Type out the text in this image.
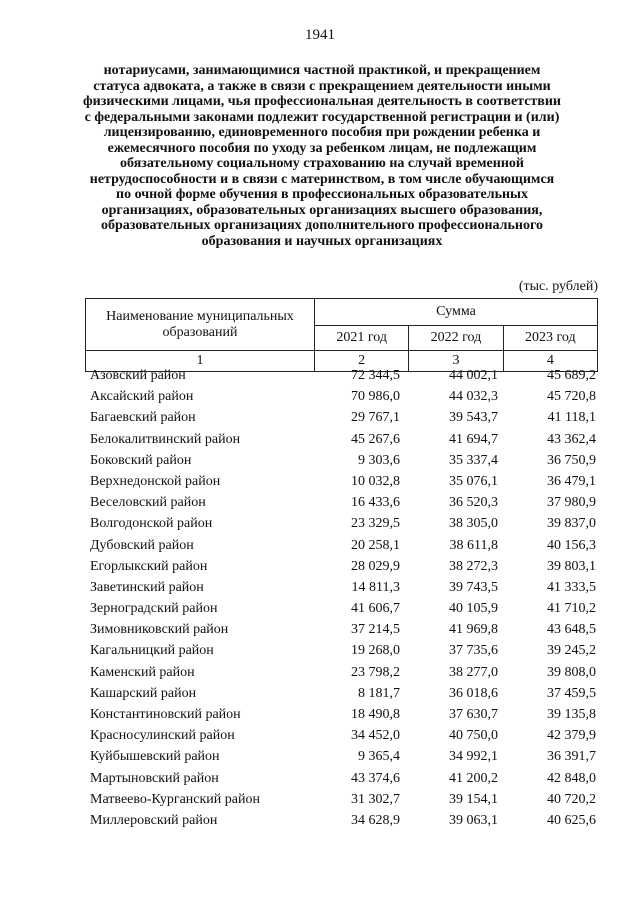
1941
нотариусами, занимающимися частной практикой, и прекращением
статуса адвоката, а также в связи с прекращением деятельности иными
физическими лицами, чья профессиональная деятельность в соответствии
с федеральными законами подлежит государственной регистрации и (или)
лицензированию, единовременного пособия при рождении ребенка и
ежемесячного пособия по уходу за ребенком лицам, не подлежащим
обязательному социальному страхованию на случай временной
нетрудоспособности и в связи с материнством, в том числе обучающимся
по очной форме обучения в профессиональных образовательных
организациях, образовательных организациях высшего образования,
образовательных организациях дополнительного профессионального
образования и научных организациях
(тыс. рублей)
Наименование муниципальных образований	Сумма		
	2021 год	2022 год	2023 год
1	2	3	4
Азовский район	72 344,5	44 002,1	45 689,2
Аксайский район	70 986,0	44 032,3	45 720,8
Багаевский район	29 767,1	39 543,7	41 118,1
Белокалитвинский район	45 267,6	41 694,7	43 362,4
Боковский район	9 303,6	35 337,4	36 750,9
Верхнедонской район	10 032,8	35 076,1	36 479,1
Веселовский район	16 433,6	36 520,3	37 980,9
Волгодонской район	23 329,5	38 305,0	39 837,0
Дубовский район	20 258,1	38 611,8	40 156,3
Егорлыкский район	28 029,9	38 272,3	39 803,1
Заветинский район	14 811,3	39 743,5	41 333,5
Зерноградский район	41 606,7	40 105,9	41 710,2
Зимовниковский район	37 214,5	41 969,8	43 648,5
Кагальницкий район	19 268,0	37 735,6	39 245,2
Каменский район	23 798,2	38 277,0	39 808,0
Кашарский район	8 181,7	36 018,6	37 459,5
Константиновский район	18 490,8	37 630,7	39 135,8
Красносулинский район	34 452,0	40 750,0	42 379,9
Куйбышевский район	9 365,4	34 992,1	36 391,7
Мартыновский район	43 374,6	41 200,2	42 848,0
Матвеево-Курганский район	31 302,7	39 154,1	40 720,2
Миллеровский район	34 628,9	39 063,1	40 625,6
